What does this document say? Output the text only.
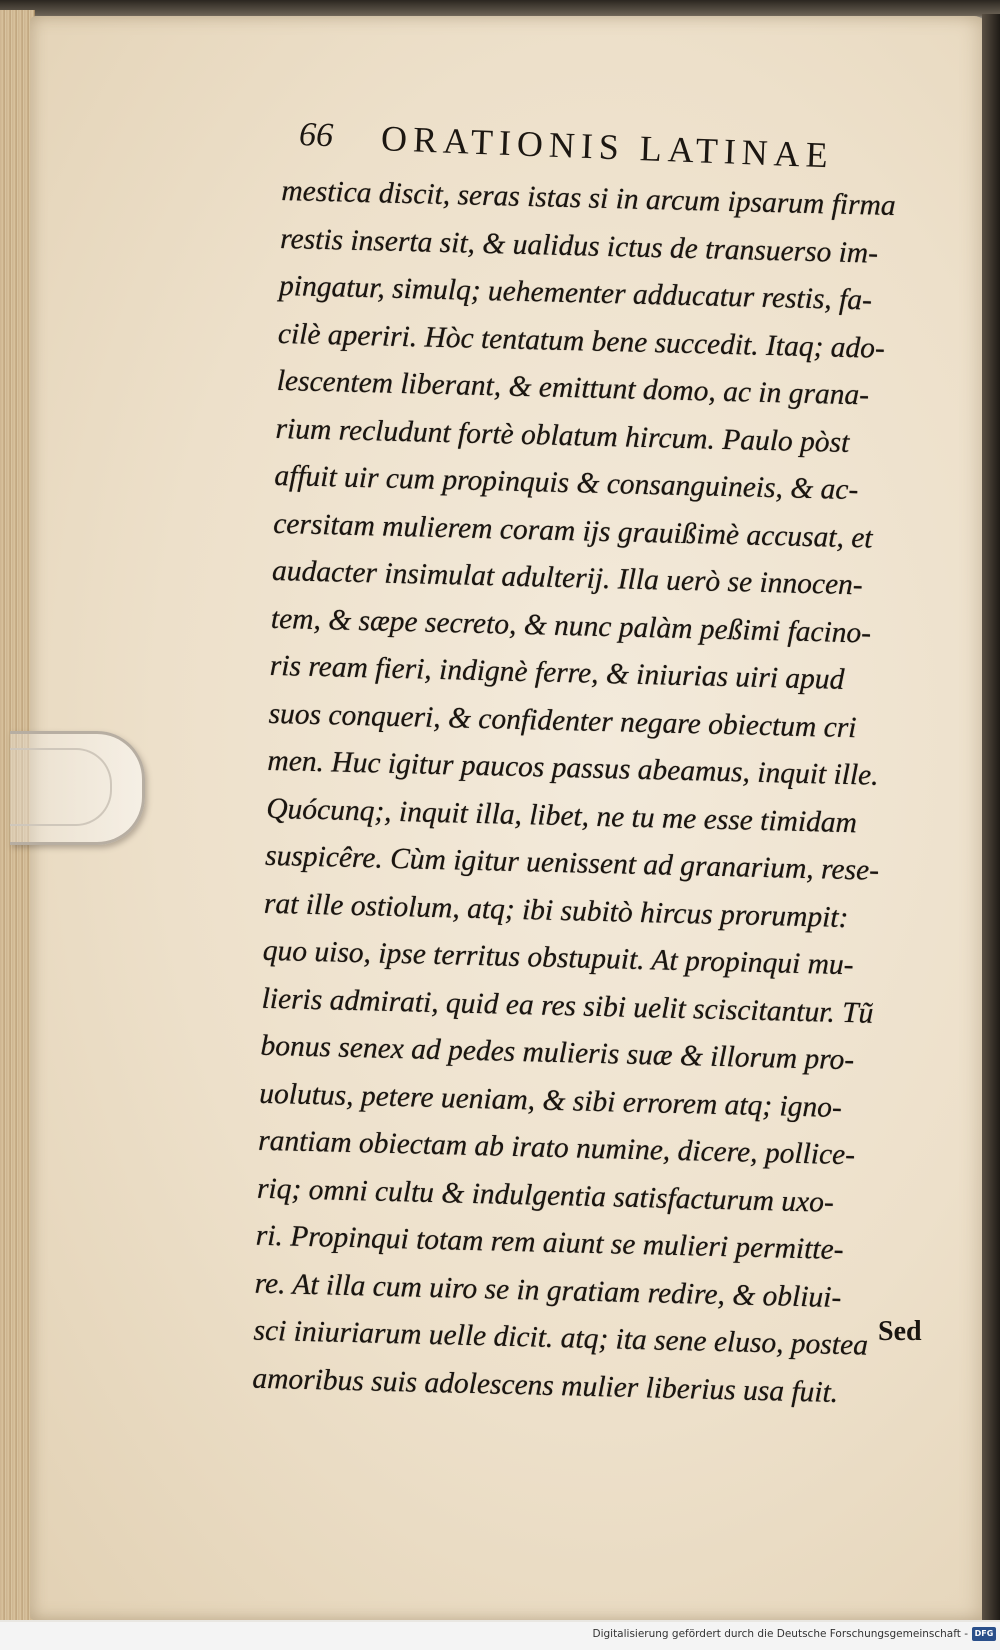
66 ORATIONIS LATINAE
mestica discit, seras istas si in arcum ipsarum firma
restis inserta sit, & ualidus ictus de transuerso im-
pingatur, simulq; uehementer adducatur restis, fa-
cilè aperiri. Hòc tentatum bene succedit. Itaq; ado-
lescentem liberant, & emittunt domo, ac in grana-
rium recludunt fortè oblatum hircum. Paulo pòst
affuit uir cum propinquis & consanguineis, & ac-
cersitam mulierem coram ijs grauißimè accusat, et
audacter insimulat adulterij. Illa uerò se innocen-
tem, & sæpe secreto, & nunc palàm peßimi facino-
ris ream fieri, indignè ferre, & iniurias uiri apud
suos conqueri, & confidenter negare obiectum cri
men. Huc igitur paucos passus abeamus, inquit ille.
Quócunq;, inquit illa, libet, ne tu me esse timidam
suspicêre. Cùm igitur uenissent ad granarium, rese-
rat ille ostiolum, atq; ibi subitò hircus prorumpit:
quo uiso, ipse territus obstupuit. At propinqui mu-
lieris admirati, quid ea res sibi uelit sciscitantur. Tũ
bonus senex ad pedes mulieris suæ & illorum pro-
uolutus, petere ueniam, & sibi errorem atq; igno-
rantiam obiectam ab irato numine, dicere, pollice-
riq; omni cultu & indulgentia satisfacturum uxo-
ri. Propinqui totam rem aiunt se mulieri permitte-
re. At illa cum uiro se in gratiam redire, & obliui-
sci iniuriarum uelle dicit. atq; ita sene eluso, postea
amoribus suis adolescens mulier liberius usa fuit.
Sed
Digitalisierung gefördert durch die Deutsche Forschungsgemeinschaft - DFG
